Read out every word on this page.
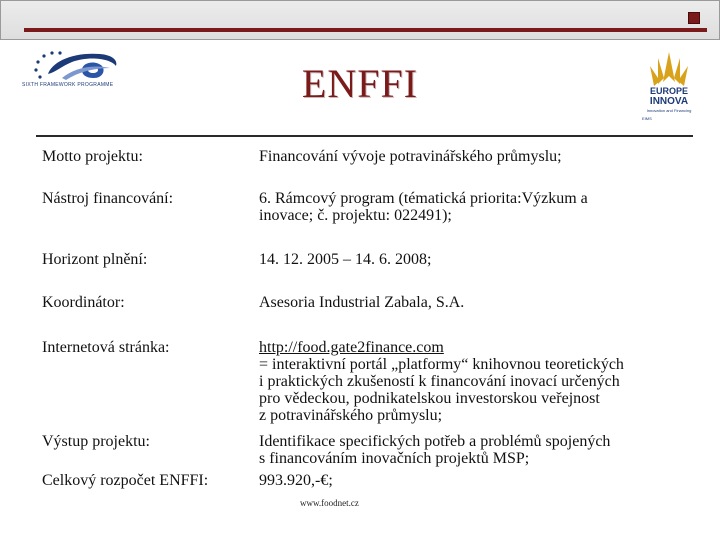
SIXTH FRAMEWORK PROGRAMME	ENFFI	EUROPE
INNOVA
Innovation and Financing
EIMS
Motto projektu:	Financování vývoje potravinářského průmyslu;
Nástroj financování:	6. Rámcový program (tématická priorita:Výzkum a
inovace; č. projektu: 022491);
Horizont plnění:	14. 12. 2005 – 14. 6. 2008;
Koordinátor:	Asesoria Industrial Zabala, S.A.
Internetová stránka:	http://food.gate2finance.com
= interaktivní portál „platformy“ knihovnou teoretických
i praktických zkušeností k financování inovací určených
pro vědeckou, podnikatelskou investorskou veřejnost
z potravinářského průmyslu;
Výstup projektu:	Identifikace specifických potřeb a problémů spojených
s financováním inovačních projektů MSP;
Celkový rozpočet ENFFI:	993.920,-€;
www.foodnet.cz
